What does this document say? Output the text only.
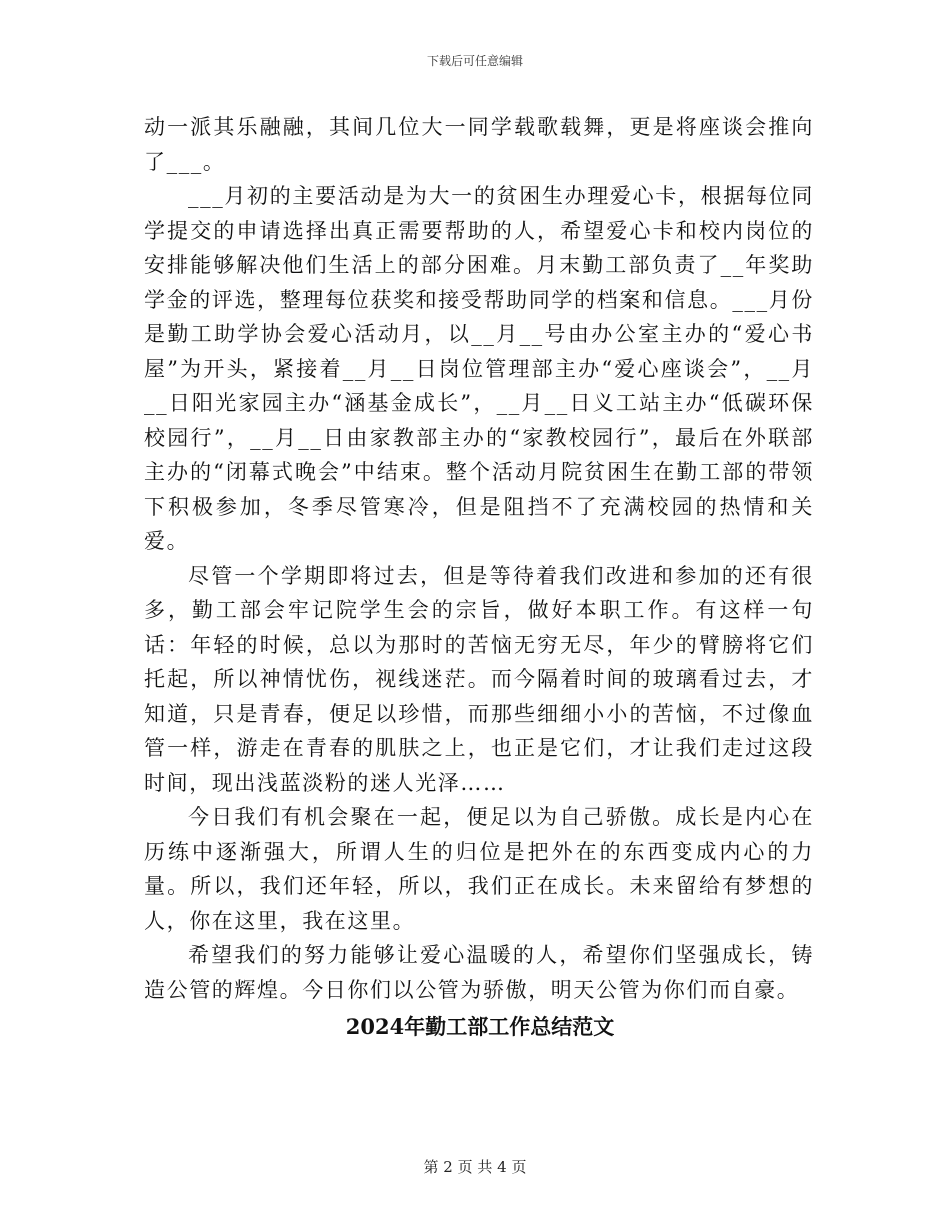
下载后可任意编辑

动一派其乐融融，其间几位大一同学载歌载舞，更是将座谈会推向了___。

___月初的主要活动是为大一的贫困生办理爱心卡，根据每位同学提交的申请选择出真正需要帮助的人，希望爱心卡和校内岗位的安排能够解决他们生活上的部分困难。月末勤工部负责了__年奖助学金的评选，整理每位获奖和接受帮助同学的档案和信息。___月份是勤工助学协会爱心活动月，以__月__号由办公室主办的“爱心书屋”为开头，紧接着__月__日岗位管理部主办“爱心座谈会”，__月__日阳光家园主办“涵基金成长”，__月__日义工站主办“低碳环保校园行”，__月__日由家教部主办的“家教校园行”，最后在外联部主办的“闭幕式晚会”中结束。整个活动月院贫困生在勤工部的带领下积极参加，冬季尽管寒冷，但是阻挡不了充满校园的热情和关爱。

尽管一个学期即将过去，但是等待着我们改进和参加的还有很多，勤工部会牢记院学生会的宗旨，做好本职工作。有这样一句话：年轻的时候，总以为那时的苦恼无穷无尽，年少的臂膀将它们托起，所以神情忧伤，视线迷茫。而今隔着时间的玻璃看过去，才知道，只是青春，便足以珍惜，而那些细细小小的苦恼，不过像血管一样，游走在青春的肌肤之上，也正是它们，才让我们走过这段时间，现出浅蓝淡粉的迷人光泽……

今日我们有机会聚在一起，便足以为自己骄傲。成长是内心在历练中逐渐强大，所谓人生的归位是把外在的东西变成内心的力量。所以，我们还年轻，所以，我们正在成长。未来留给有梦想的人，你在这里，我在这里。

希望我们的努力能够让爱心温暖的人，希望你们坚强成长，铸造公管的辉煌。今日你们以公管为骄傲，明天公管为你们而自豪。

2024年勤工部工作总结范文

第 2 页 共 4 页
